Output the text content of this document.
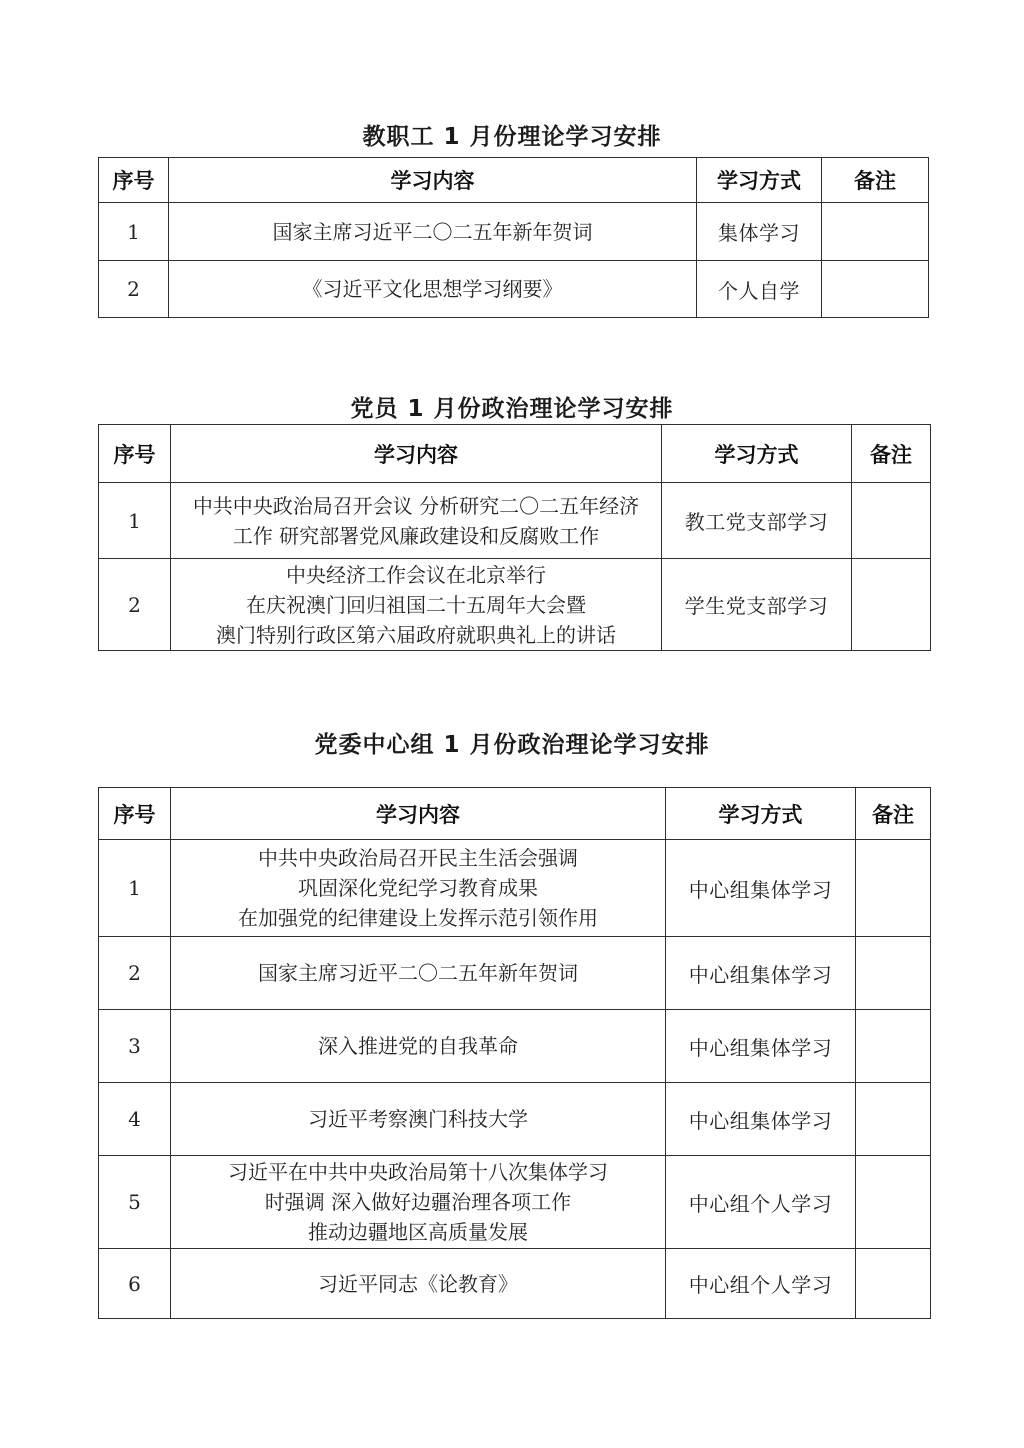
教职工 1 月份理论学习安排
序号	学习内容	学习方式	备注
1	国家主席习近平二〇二五年新年贺词	集体学习	
2	《习近平文化思想学习纲要》	个人自学	
党员 1 月份政治理论学习安排
序号	学习内容	学习方式	备注
1	中共中央政治局召开会议 分析研究二〇二五年经济
工作 研究部署党风廉政建设和反腐败工作	教工党支部学习	
2	中央经济工作会议在北京举行
在庆祝澳门回归祖国二十五周年大会暨
澳门特别行政区第六届政府就职典礼上的讲话	学生党支部学习	
党委中心组 1 月份政治理论学习安排
序号	学习内容	学习方式	备注
1	中共中央政治局召开民主生活会强调
巩固深化党纪学习教育成果
在加强党的纪律建设上发挥示范引领作用	中心组集体学习	
2	国家主席习近平二〇二五年新年贺词	中心组集体学习	
3	深入推进党的自我革命	中心组集体学习	
4	习近平考察澳门科技大学	中心组集体学习	
5	习近平在中共中央政治局第十八次集体学习
时强调 深入做好边疆治理各项工作
推动边疆地区高质量发展	中心组个人学习	
6	习近平同志《论教育》	中心组个人学习	
